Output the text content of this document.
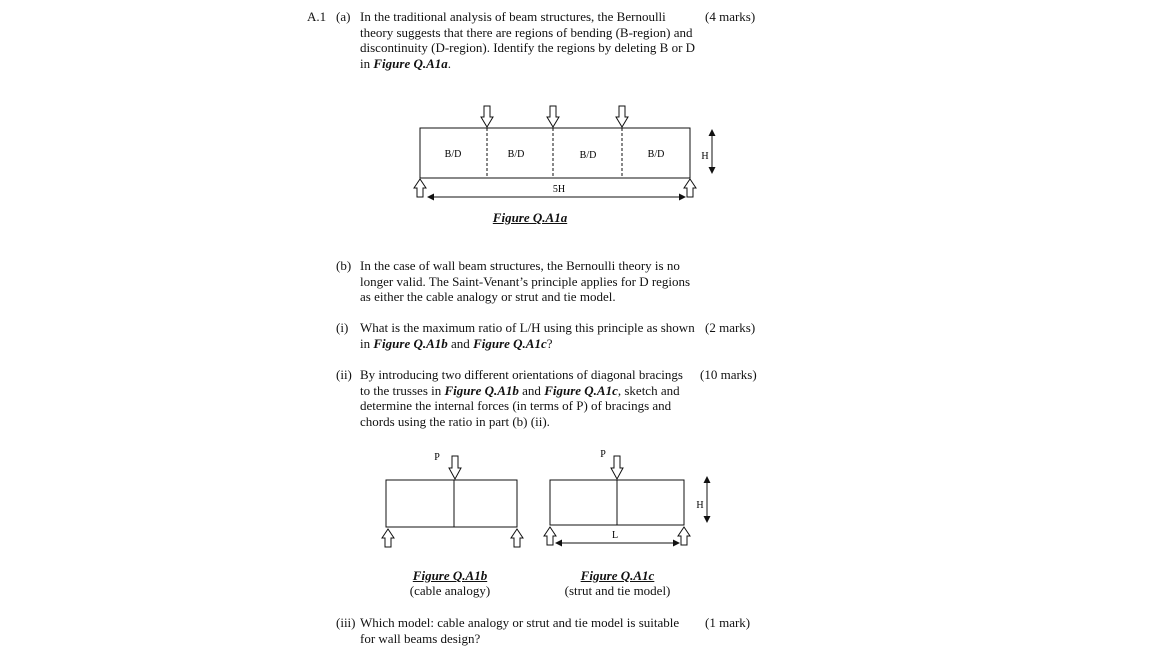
A.1 (a) In the traditional analysis of beam structures, the Bernoulli
theory suggests that there are regions of bending (B-region) and
discontinuity (D-region). Identify the regions by deleting B or D
in Figure Q.A1a.
(4 marks)
B/D	B/D	B/D	B/D
5H
H
Figure Q.A1a
(b) In the case of wall beam structures, the Bernoulli theory is no
longer valid. The Saint-Venant’s principle applies for D regions
as either the cable analogy or strut and tie model.
(i) What is the maximum ratio of L/H using this principle as shown
in Figure Q.A1b and Figure Q.A1c?
(2 marks)
(ii) By introducing two different orientations of diagonal bracings
to the trusses in Figure Q.A1b and Figure Q.A1c, sketch and
determine the internal forces (in terms of P) of bracings and
chords using the ratio in part (b) (ii).
(10 marks)
P
Figure Q.A1b
(cable analogy)
P
L
H
Figure Q.A1c
(strut and tie model)
(iii) Which model: cable analogy or strut and tie model is suitable
for wall beams design?
(1 mark)
